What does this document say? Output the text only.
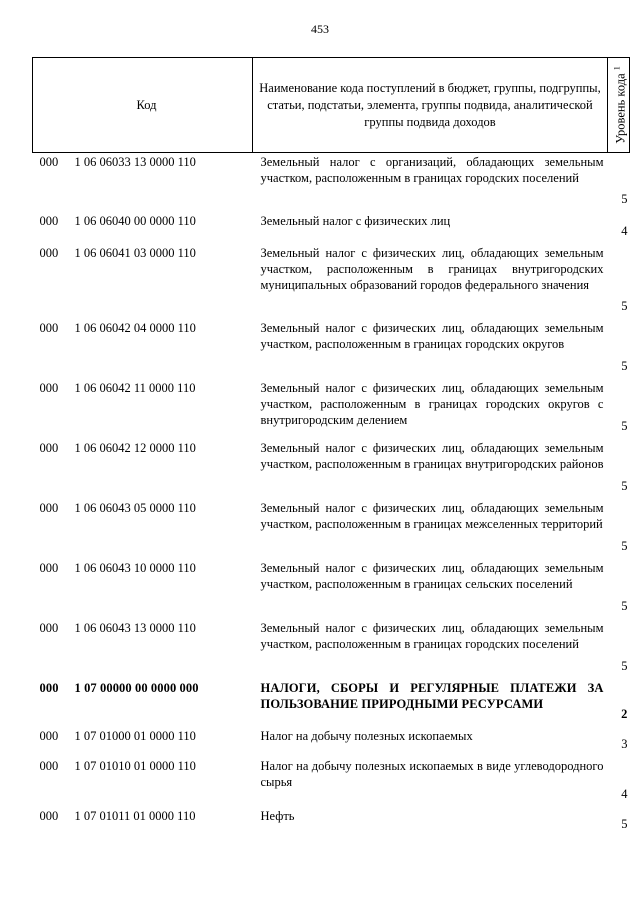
453
Код		Наименование кода поступлений в бюджет, группы, подгруппы, статьи, подстатьи, элемента, группы подвида, аналитической группы подвида доходов	Уровень кода $^1$

000	1 06 06033 13 0000 110	Земельный налог с организаций, обладающих земельным участком, расположенным в границах городских поселений	5
000	1 06 06040 00 0000 110	Земельный налог с физических лиц	4
000	1 06 06041 03 0000 110	Земельный налог с физических лиц, обладающих земельным участком, расположенным в границах внутригородских муниципальных образований городов федерального значения	5
000	1 06 06042 04 0000 110	Земельный налог с физических лиц, обладающих земельным участком, расположенным в границах городских округов	5
000	1 06 06042 11 0000 110	Земельный налог с физических лиц, обладающих земельным участком, расположенным в границах городских округов с внутригородским делением	5
000	1 06 06042 12 0000 110	Земельный налог с физических лиц, обладающих земельным участком, расположенным в границах внутригородских районов	5
000	1 06 06043 05 0000 110	Земельный налог с физических лиц, обладающих земельным участком, расположенным в границах межселенных территорий	5
000	1 06 06043 10 0000 110	Земельный налог с физических лиц, обладающих земельным участком, расположенным в границах сельских поселений	5
000	1 06 06043 13 0000 110	Земельный налог с физических лиц, обладающих земельным участком, расположенным в границах городских поселений	5
000	1 07 00000 00 0000 000	НАЛОГИ, СБОРЫ И РЕГУЛЯРНЫЕ ПЛАТЕЖИ ЗА ПОЛЬЗОВАНИЕ ПРИРОДНЫМИ РЕСУРСАМИ	2
000	1 07 01000 01 0000 110	Налог на добычу полезных ископаемых	3
000	1 07 01010 01 0000 110	Налог на добычу полезных ископаемых в виде углеводородного сырья	4
000	1 07 01011 01 0000 110	Нефть	5
